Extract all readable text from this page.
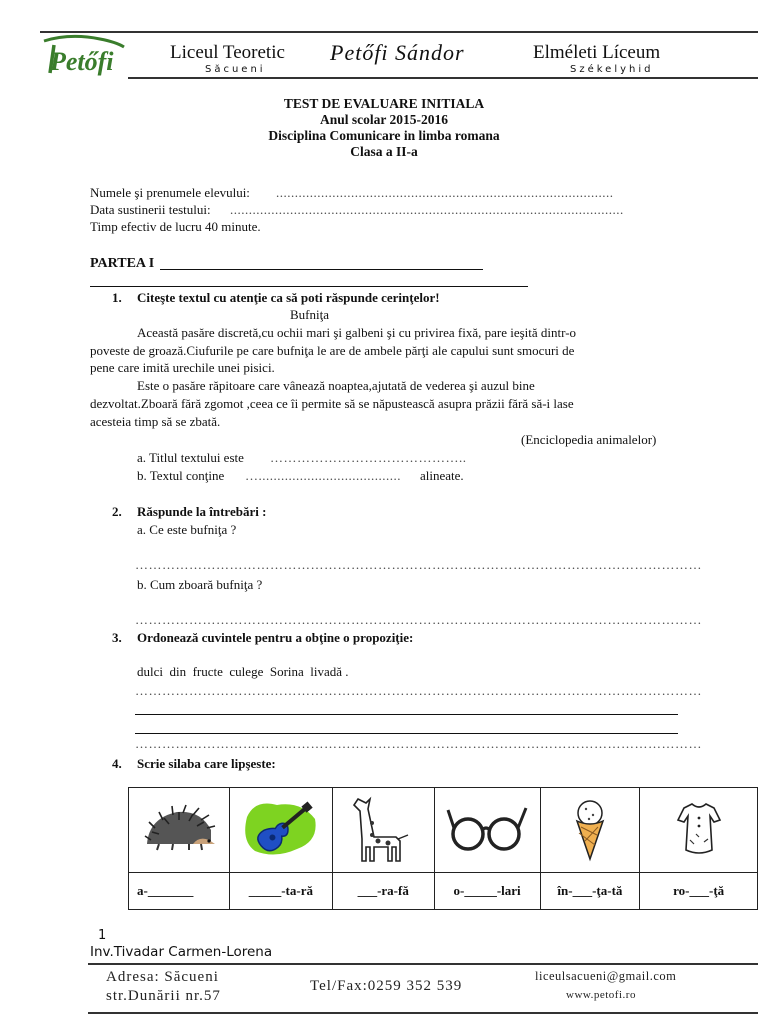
Petőfi	Liceul Teoretic Petőfi Sándor	Elméleti Líceum
Săcueni	Székelyhid
TEST DE EVALUARE INITIALA
Anul scolar 2015-2016
Disciplina Comunicare in limba romana
Clasa a II-a
Numele şi prenumele elevului: ..........................................................................................
Data sustinerii testului: .........................................................................................................
Timp efectiv de lucru 40 minute.
PARTEA I
1. Citeşte textul cu atenţie ca să poti răspunde cerinţelor!
Bufniţa
Această pasăre discretă,cu ochii mari şi galbeni şi cu privirea fixă, pare ieşită dintr-o
poveste de groază.Ciufurile pe care bufniţa le are de ambele părţi ale capului sunt smocuri de
pene care imită urechile unei pisici.
Este o pasăre răpitoare care vânează noaptea,ajutată de vederea şi auzul bine
dezvoltat.Zboară fără zgomot ,ceea ce îi permite să se năpustească asupra prăzii fără să-i lase
acesteia timp să se zbată.
(Enciclopedia animalelor)
a. Titlul textului este ……………………………………..
b. Textul conţine …...................................... alineate.
2. Răspunde la întrebări :
a. Ce este bufniţa ?
………………………………………………………………………………………………………………
b. Cum zboară bufniţa ?
………………………………………………………………………………………………………………
3. Ordonează cuvintele pentru a obţine o propoziţie:
dulci  din  fructe  culege  Sorina  livadă .
………………………………………………………………………………………………………………
………………………………………………………………………………………………………………
4. Scrie silaba care lipşeste:

a-_______	_____-ta-ră	___-ra-fă	o-_____-lari	în-___-ţa-tă	ro-___-ţă
1
Inv.Tivadar Carmen-Lorena
Adresa: Săcueni
str.Dunării nr.57
Tel/Fax:0259 352 539
liceulsacueni@gmail.com
www.petofi.ro
